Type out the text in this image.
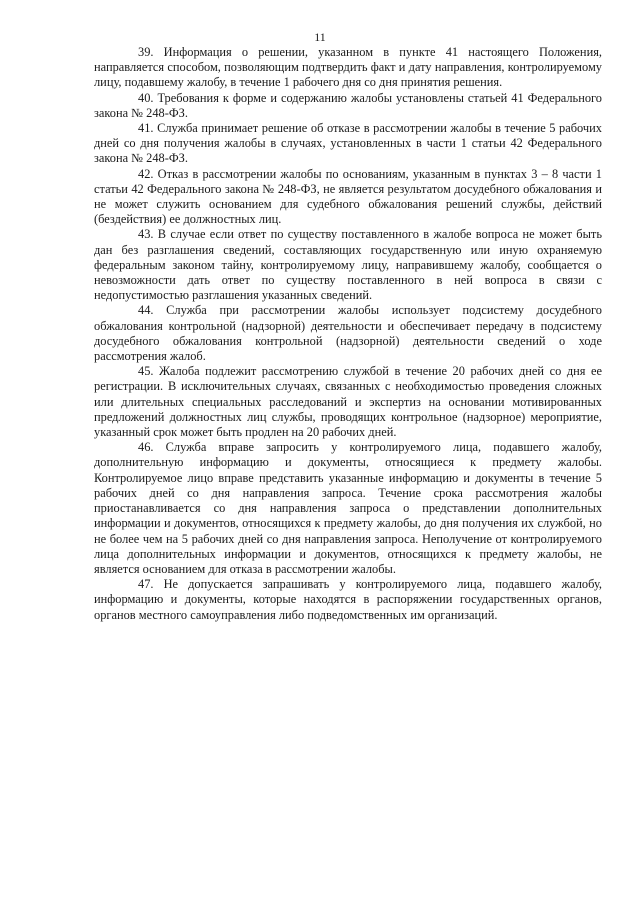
11

39. Информация о решении, указанном в пункте 41 настоящего Положения, направляется способом, позволяющим подтвердить факт и дату направления, контролируемому лицу, подавшему жалобу, в течение 1 рабочего дня со дня принятия решения.

40. Требования к форме и содержанию жалобы установлены статьей 41 Федерального закона № 248-ФЗ.

41. Служба принимает решение об отказе в рассмотрении жалобы в течение 5 рабочих дней со дня получения жалобы в случаях, установленных в части 1 статьи 42 Федерального закона № 248-ФЗ.

42. Отказ в рассмотрении жалобы по основаниям, указанным в пунктах 3 – 8 части 1 статьи 42 Федерального закона № 248-ФЗ, не является результатом досудебного обжалования и не может служить основанием для судебного обжалования решений службы, действий (бездействия) ее должностных лиц.

43. В случае если ответ по существу поставленного в жалобе вопроса не может быть дан без разглашения сведений, составляющих государственную или иную охраняемую федеральным законом тайну, контролируемому лицу, направившему жалобу, сообщается о невозможности дать ответ по существу поставленного в ней вопроса в связи с недопустимостью разглашения указанных сведений.

44. Служба при рассмотрении жалобы использует подсистему досудебного обжалования контрольной (надзорной) деятельности и обеспечивает передачу в подсистему досудебного обжалования контрольной (надзорной) деятельности сведений о ходе рассмотрения жалоб.

45. Жалоба подлежит рассмотрению службой в течение 20 рабочих дней со дня ее регистрации. В исключительных случаях, связанных с необходимостью проведения сложных или длительных специальных расследований и экспертиз на основании мотивированных предложений должностных лиц службы, проводящих контрольное (надзорное) мероприятие, указанный срок может быть продлен на 20 рабочих дней.

46. Служба вправе запросить у контролируемого лица, подавшего жалобу, дополнительную информацию и документы, относящиеся к предмету жалобы. Контролируемое лицо вправе представить указанные информацию и документы в течение 5 рабочих дней со дня направления запроса. Течение срока рассмотрения жалобы приостанавливается со дня направления запроса о представлении дополнительных информации и документов, относящихся к предмету жалобы, до дня получения их службой, но не более чем на 5 рабочих дней со дня направления запроса. Неполучение от контролируемого лица дополнительных информации и документов, относящихся к предмету жалобы, не является основанием для отказа в рассмотрении жалобы.

47. Не допускается запрашивать у контролируемого лица, подавшего жалобу, информацию и документы, которые находятся в распоряжении государственных органов, органов местного самоуправления либо подведомственных им организаций.
